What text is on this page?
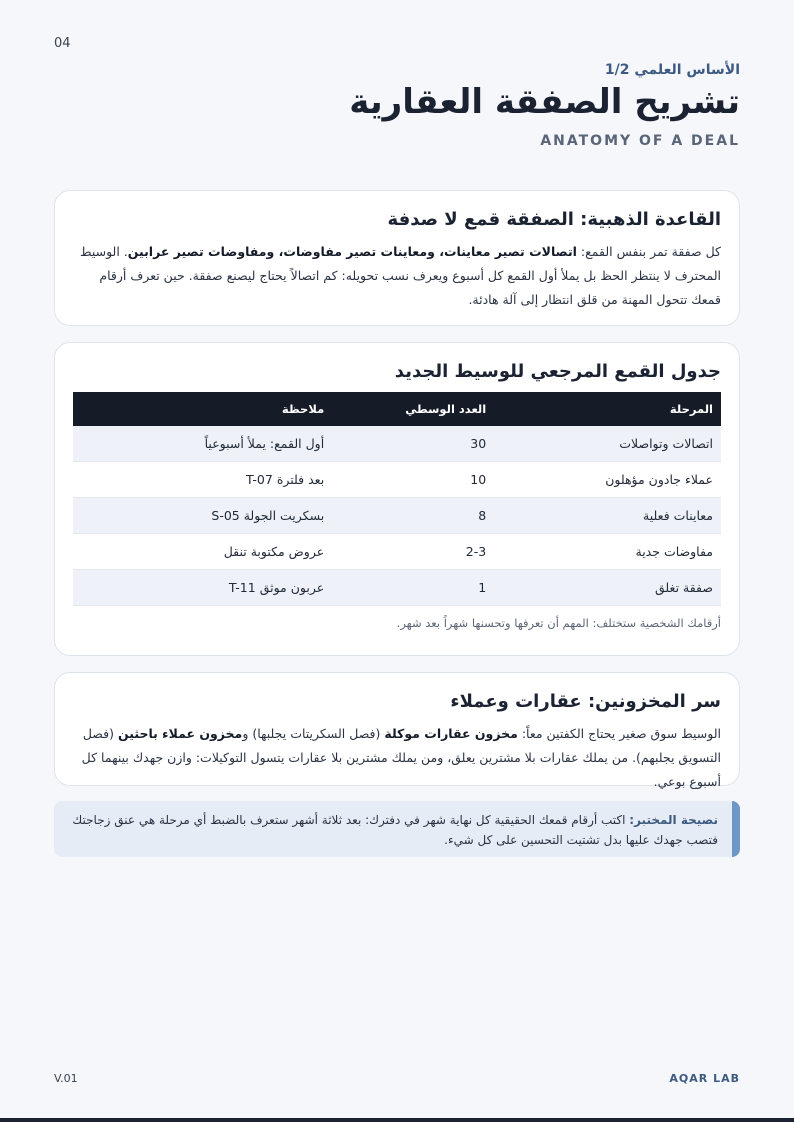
04
الأساس العلمي 1/2
تشريح الصفقة العقارية
ANATOMY OF A DEAL
القاعدة الذهبية: الصفقة قمع لا صدفة

كل صفقة تمر بنفس القمع: اتصالات تصير معاينات، ومعاينات تصير مفاوضات، ومفاوضات تصير عرابين. الوسيط المحترف لا ينتظر الحظ بل يملأ أول القمع كل أسبوع ويعرف نسب تحويله: كم اتصالاً يحتاج ليصنع صفقة. حين تعرف أرقام قمعك تتحول المهنة من قلق انتظار إلى آلة هادئة.

جدول القمع المرجعي للوسيط الجديد
المرحلة	العدد الوسطي	ملاحظة
اتصالات وتواصلات	30	أول القمع: يملأ أسبوعياً
عملاء جادون مؤهلون	10	بعد فلترة T-07
معاينات فعلية	8	بسكريت الجولة S-05
مفاوضات جدية	2-3	عروض مكتوبة تنقل
صفقة تغلق	1	عربون موثق T-11
أرقامك الشخصية ستختلف: المهم أن تعرفها وتحسنها شهراً بعد شهر.
سر المخزونين: عقارات وعملاء

الوسيط سوق صغير يحتاج الكفتين معاً: مخزون عقارات موكلة (فصل السكريتات يجلبها) ومخزون عملاء باحثين (فصل التسويق يجلبهم). من يملك عقارات بلا مشترين يعلق، ومن يملك مشترين بلا عقارات يتسول التوكيلات: وازن جهدك بينهما كل أسبوع بوعي.

نصيحة المختبر: اكتب أرقام قمعك الحقيقية كل نهاية شهر في دفترك: بعد ثلاثة أشهر ستعرف بالضبط أي مرحلة هي عنق زجاجتك فتصب جهدك عليها بدل تشتيت التحسين على كل شيء.
V.01	AQAR LAB
